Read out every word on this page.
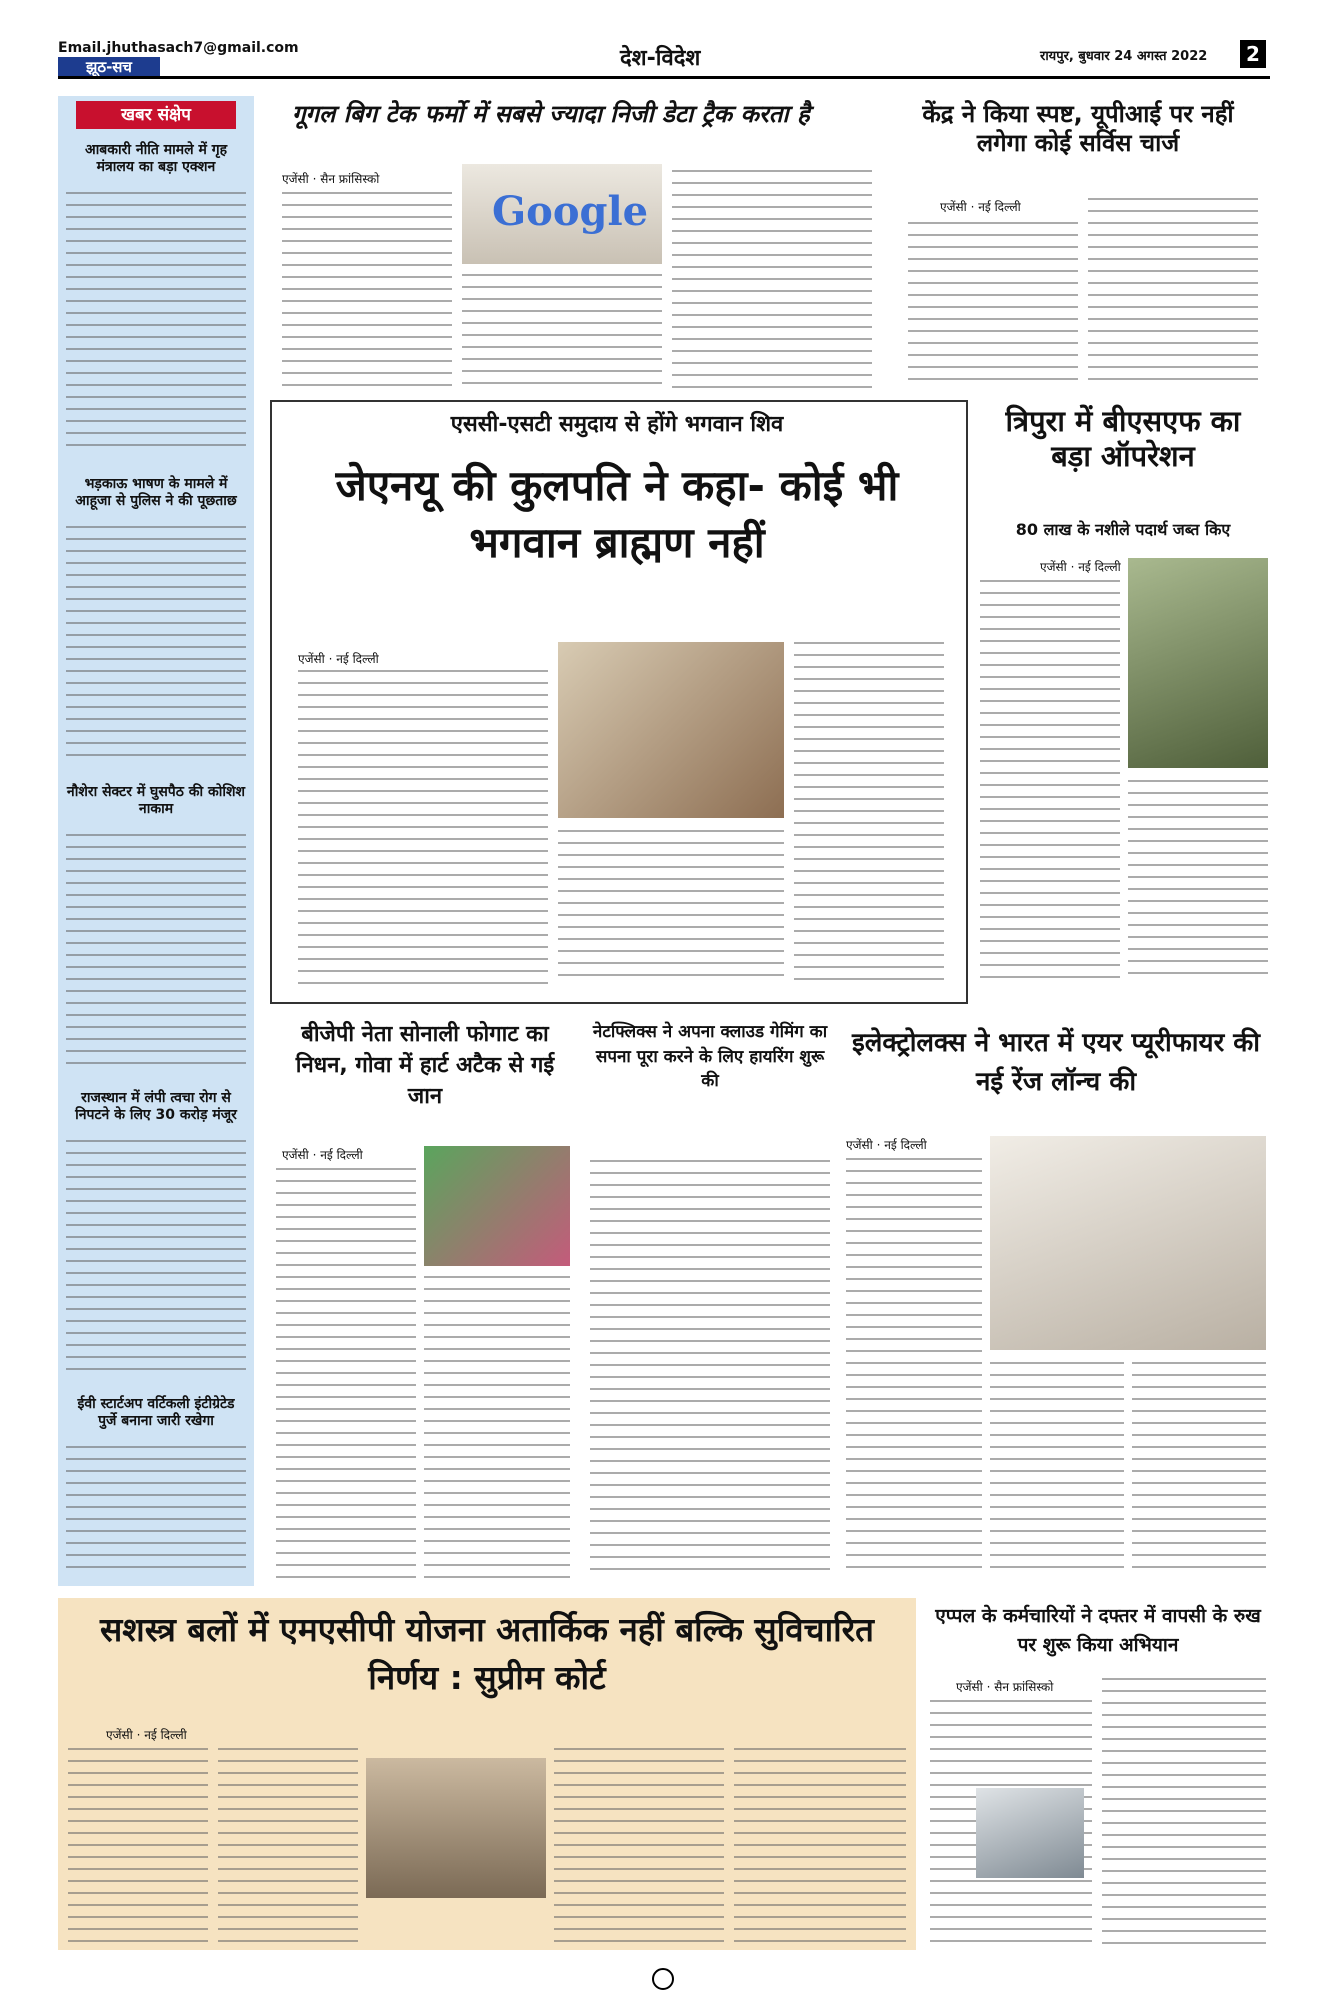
Email.jhuthasach7@gmail.com
झूठ-सच	देश-विदेश	रायपुर, बुधवार 24 अगस्त 2022	2
खबर संक्षेप
आबकारी नीति मामले में गृह मंत्रालय का बड़ा एक्शन
भड़काऊ भाषण के मामले में आहूजा से पुलिस ने की पूछताछ
नौशेरा सेक्टर में घुसपैठ की कोशिश नाकाम
राजस्थान में लंपी त्वचा रोग से निपटने के लिए 30 करोड़ मंजूर
ईवी स्टार्टअप वर्टिकली इंटीग्रेटेड पुर्जे बनाना जारी रखेगा
गूगल बिग टेक फर्मो में सबसे ज्यादा निजी डेटा ट्रैक करता है
एजेंसी · सैन फ्रांसिस्को
Google
केंद्र ने किया स्पष्ट, यूपीआई पर नहीं लगेगा कोई सर्विस चार्ज
एजेंसी · नई दिल्ली
एससी-एसटी समुदाय से होंगे भगवान शिव
जेएनयू की कुलपति ने कहा- कोई भी भगवान ब्राह्मण नहीं
एजेंसी · नई दिल्ली
त्रिपुरा में बीएसएफ का बड़ा ऑपरेशन
80 लाख के नशीले पदार्थ जब्त किए
एजेंसी · नई दिल्ली
बीजेपी नेता सोनाली फोगाट का निधन, गोवा में हार्ट अटैक से गई जान
एजेंसी · नई दिल्ली
नेटफ्लिक्स ने अपना क्लाउड गेमिंग का सपना पूरा करने के लिए हायरिंग शुरू की
इलेक्ट्रोलक्स ने भारत में एयर प्यूरीफायर की नई रेंज लॉन्च की
एजेंसी · नई दिल्ली
सशस्त्र बलों में एमएसीपी योजना अतार्किक नहीं बल्कि सुविचारित निर्णय : सुप्रीम कोर्ट
एजेंसी · नई दिल्ली
एप्पल के कर्मचारियों ने दफ्तर में वापसी के रुख पर शुरू किया अभियान
एजेंसी · सैन फ्रांसिस्को
